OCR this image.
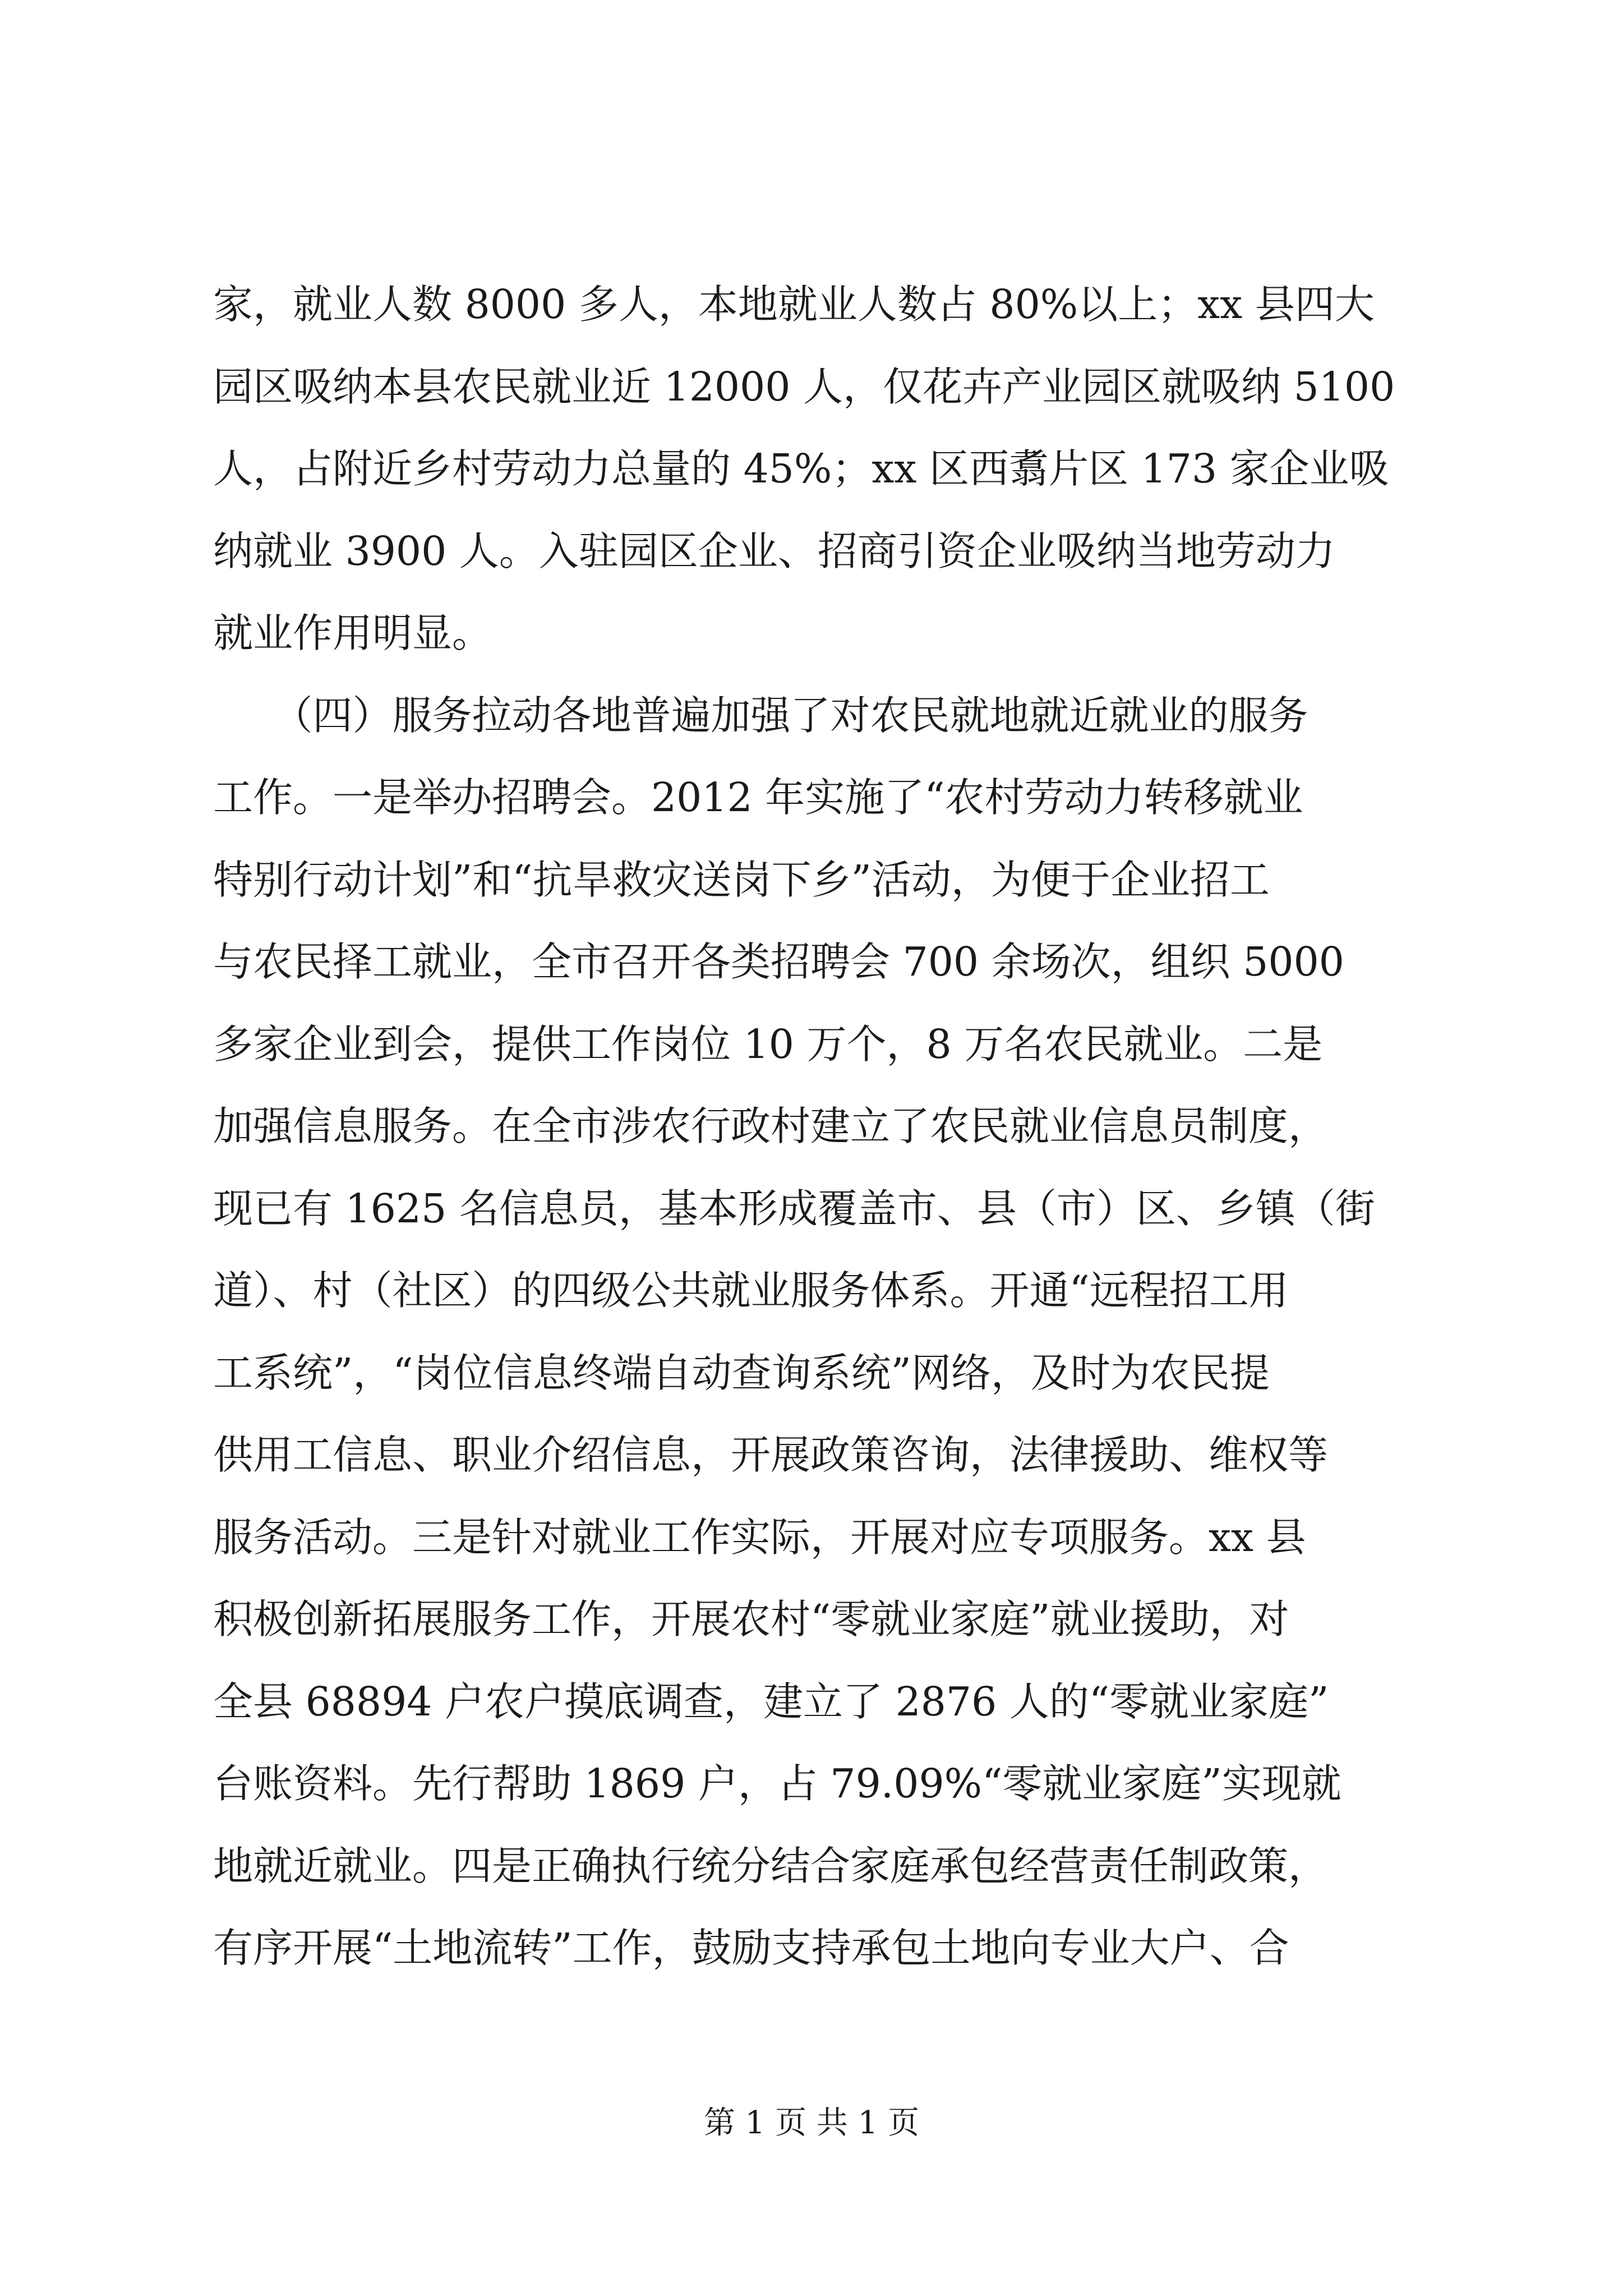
家，就业人数 8000 多人，本地就业人数占 80%以上；xx 县四大
园区吸纳本县农民就业近 12000 人，仅花卉产业园区就吸纳 5100
人，占附近乡村劳动力总量的 45%；xx 区西翥片区 173 家企业吸
纳就业 3900 人。入驻园区企业、招商引资企业吸纳当地劳动力
就业作用明显。
　　（四）服务拉动各地普遍加强了对农民就地就近就业的服务
工作。一是举办招聘会。2012 年实施了“农村劳动力转移就业
特别行动计划”和“抗旱救灾送岗下乡”活动，为便于企业招工
与农民择工就业，全市召开各类招聘会 700 余场次，组织 5000
多家企业到会，提供工作岗位 10 万个，8 万名农民就业。二是
加强信息服务。在全市涉农行政村建立了农民就业信息员制度，
现已有 1625 名信息员，基本形成覆盖市、县（市）区、乡镇（街
道）、村（社区）的四级公共就业服务体系。开通“远程招工用
工系统”，“岗位信息终端自动查询系统”网络，及时为农民提
供用工信息、职业介绍信息，开展政策咨询，法律援助、维权等
服务活动。三是针对就业工作实际，开展对应专项服务。xx 县
积极创新拓展服务工作，开展农村“零就业家庭”就业援助，对
全县 68894 户农户摸底调查，建立了 2876 人的“零就业家庭”
台账资料。先行帮助 1869 户，占 79.09%“零就业家庭”实现就
地就近就业。四是正确执行统分结合家庭承包经营责任制政策，
有序开展“土地流转”工作，鼓励支持承包土地向专业大户、合
第 1 页 共 1 页
